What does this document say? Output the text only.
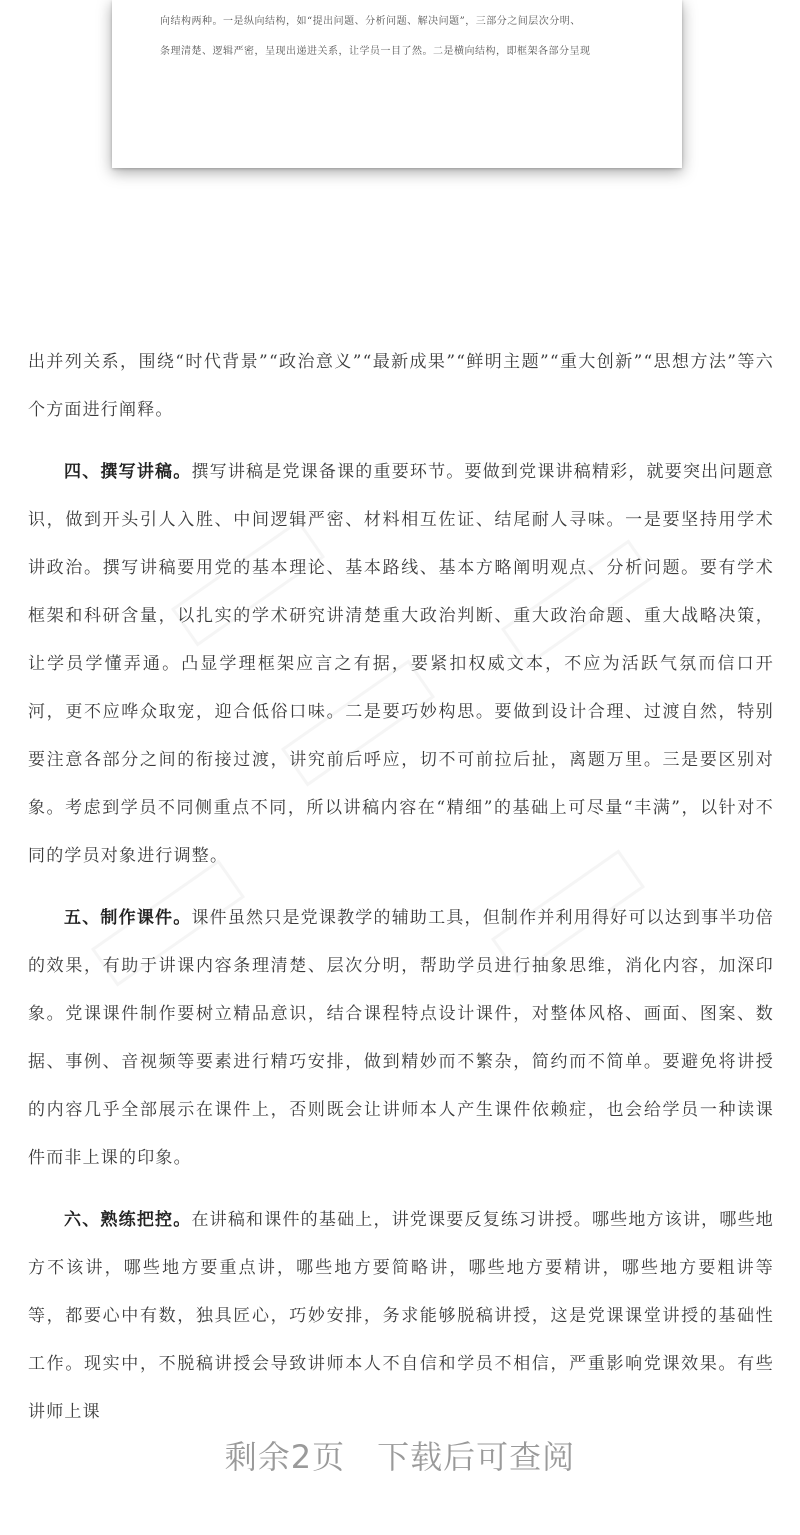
向结构两种。一是纵向结构，如“提出问题、分析问题、解决问题”，三部分之间层次分明、
条理清楚、逻辑严密，呈现出递进关系，让学员一目了然。二是横向结构，即框架各部分呈现

出并列关系，围绕“时代背景”“政治意义”“最新成果”“鲜明主题”“重大创新”“思想方法”等六个方面进行阐释。

四、撰写讲稿。撰写讲稿是党课备课的重要环节。要做到党课讲稿精彩，就要突出问题意识，做到开头引人入胜、中间逻辑严密、材料相互佐证、结尾耐人寻味。一是要坚持用学术讲政治。撰写讲稿要用党的基本理论、基本路线、基本方略阐明观点、分析问题。要有学术框架和科研含量，以扎实的学术研究讲清楚重大政治判断、重大政治命题、重大战略决策，让学员学懂弄通。凸显学理框架应言之有据，要紧扣权威文本，不应为活跃气氛而信口开河，更不应哗众取宠，迎合低俗口味。二是要巧妙构思。要做到设计合理、过渡自然，特别要注意各部分之间的衔接过渡，讲究前后呼应，切不可前拉后扯，离题万里。三是要区别对象。考虑到学员不同侧重点不同，所以讲稿内容在“精细”的基础上可尽量“丰满”，以针对不同的学员对象进行调整。

五、制作课件。课件虽然只是党课教学的辅助工具，但制作并利用得好可以达到事半功倍的效果，有助于讲课内容条理清楚、层次分明，帮助学员进行抽象思维，消化内容，加深印象。党课课件制作要树立精品意识，结合课程特点设计课件，对整体风格、画面、图案、数据、事例、音视频等要素进行精巧安排，做到精妙而不繁杂，简约而不简单。要避免将讲授的内容几乎全部展示在课件上，否则既会让讲师本人产生课件依赖症，也会给学员一种读课件而非上课的印象。

六、熟练把控。在讲稿和课件的基础上，讲党课要反复练习讲授。哪些地方该讲，哪些地方不该讲，哪些地方要重点讲，哪些地方要简略讲，哪些地方要精讲，哪些地方要粗讲等等，都要心中有数，独具匠心，巧妙安排，务求能够脱稿讲授，这是党课课堂讲授的基础性工作。现实中，不脱稿讲授会导致讲师本人不自信和学员不相信，严重影响党课效果。有些讲师上课

剩余2页 下载后可查阅
